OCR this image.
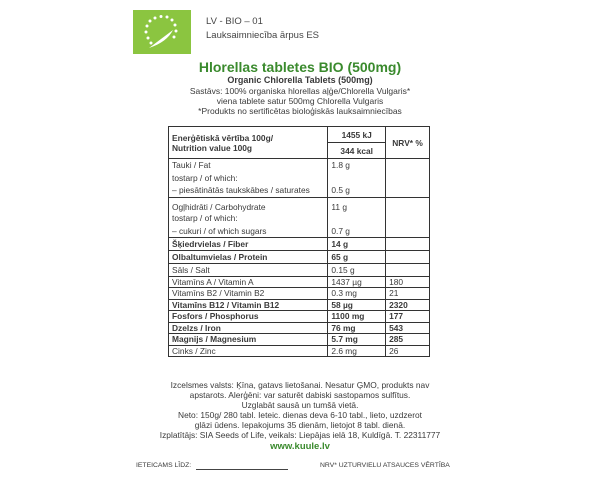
LV - BIO – 01
Lauksaimniecība ārpus ES
Hlorellas tabletes BIO (500mg)
Organic Chlorella Tablets (500mg)
Sastāvs: 100% organiska hlorellas aļģe/Chlorella Vulgaris*
viena tablete satur 500mg Chlorella Vulgaris
*Produkts no sertificētas bioloģiskās lauksaimniecības
Enerģētiskā vērtība 100g/
Nutrition value 100g	1455 kJ	NRV* %
	344 kcal	
Tauki / Fat	1.8 g	
tostarp / of which:		
– piesātinātās taukskābes / saturates	0.5 g	
Ogļhidrāti / Carbohydrate	11 g	
tostarp / of which:		
– cukuri / of which sugars	0.7 g	
Šķiedrvielas / Fiber	14 g	
Olbaltumvielas / Protein	65 g	
Sāls / Salt	0.15 g	
Vitamīns A / Vitamin A	1437 µg	180
Vitamīns B2 / Vitamin B2	0.3 mg	21
Vitamīns B12 / Vitamin B12	58 µg	2320
Fosfors / Phosphorus	1100 mg	177
Dzelzs / Iron	76 mg	543
Magnijs / Magnesium	5.7 mg	285
Cinks / Zinc	2.6 mg	26
Izcelsmes valsts: Ķīna, gatavs lietošanai. Nesatur ĢMO, produkts nav
apstarots. Alerģēni: var saturēt dabiski sastopamos sulfītus.
Uzglabāt sausā un tumšā vietā.
Neto: 150g/ 280 tabl. Ieteic. dienas deva 6-10 tabl., lieto, uzdzerot
glāzi ūdens. Iepakojums 35 dienām, lietojot 8 tabl. dienā.
Izplatītājs: SIA Seeds of Life, veikals: Liepājas ielā 18, Kuldīgā. T. 22311777
www.kuule.lv
IETEICAMS LĪDZ:	NRV* UZTURVIELU ATSAUCES VĒRTĪBA
